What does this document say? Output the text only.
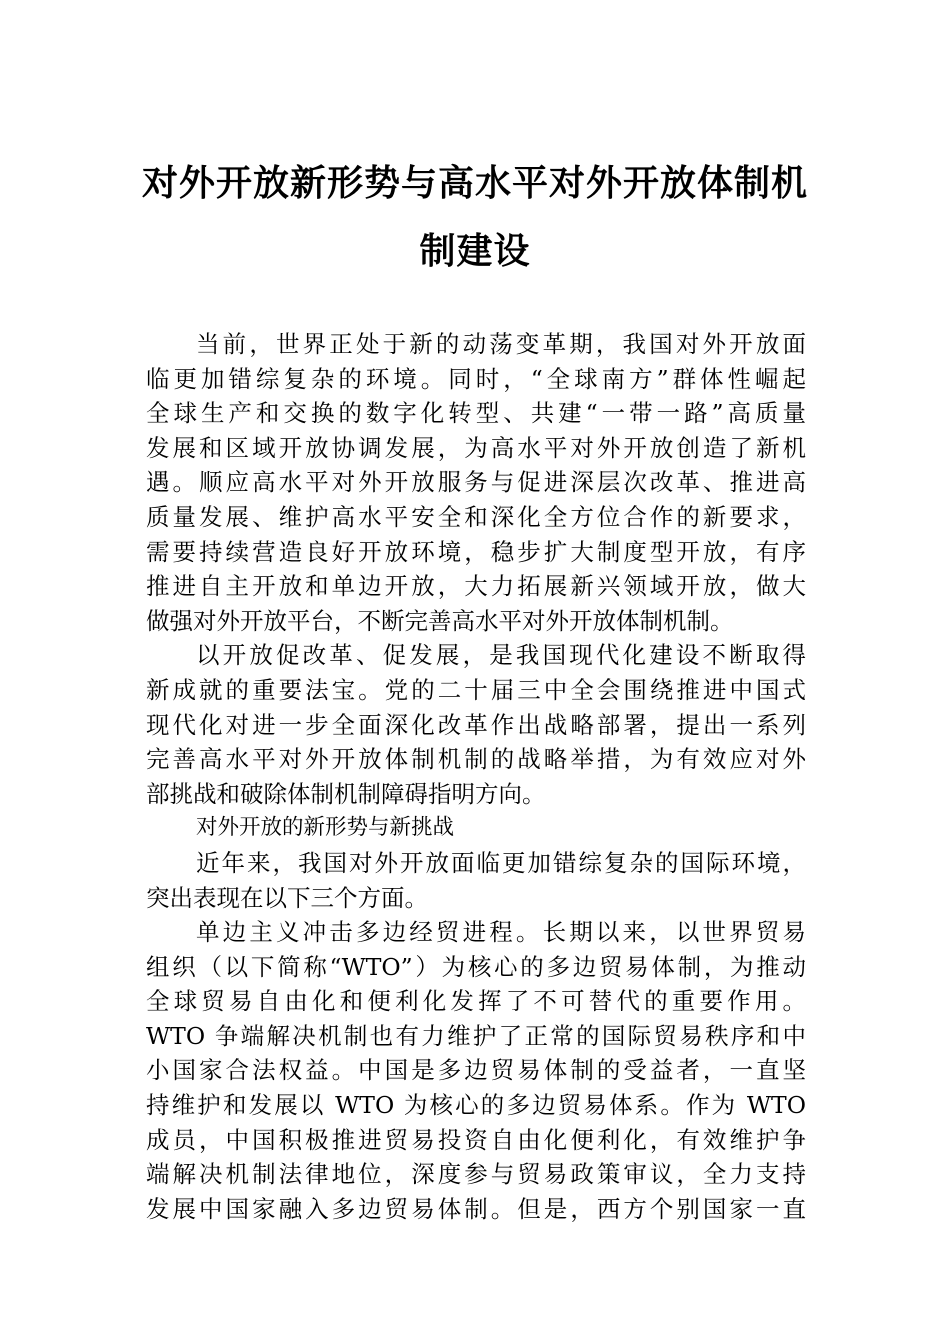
对外开放新形势与高水平对外开放体制机
制建设
当前，世界正处于新的动荡变革期，我国对外开放面
临更加错综复杂的环境。同时，“全球南方”群体性崛起
全球生产和交换的数字化转型、共建“一带一路”高质量
发展和区域开放协调发展，为高水平对外开放创造了新机
遇。顺应高水平对外开放服务与促进深层次改革、推进高
质量发展、维护高水平安全和深化全方位合作的新要求，
需要持续营造良好开放环境，稳步扩大制度型开放，有序
推进自主开放和单边开放，大力拓展新兴领域开放，做大
做强对外开放平台，不断完善高水平对外开放体制机制。
以开放促改革、促发展，是我国现代化建设不断取得
新成就的重要法宝。党的二十届三中全会围绕推进中国式
现代化对进一步全面深化改革作出战略部署，提出一系列
完善高水平对外开放体制机制的战略举措，为有效应对外
部挑战和破除体制机制障碍指明方向。
对外开放的新形势与新挑战
近年来，我国对外开放面临更加错综复杂的国际环境，
突出表现在以下三个方面。
单边主义冲击多边经贸进程。长期以来，以世界贸易
组织（以下简称“WTO”）为核心的多边贸易体制，为推动
全球贸易自由化和便利化发挥了不可替代的重要作用。
WTO 争端解决机制也有力维护了正常的国际贸易秩序和中
小国家合法权益。中国是多边贸易体制的受益者，一直坚
持维护和发展以 WTO 为核心的多边贸易体系。作为 WTO
成员，中国积极推进贸易投资自由化便利化，有效维护争
端解决机制法律地位，深度参与贸易政策审议，全力支持
发展中国家融入多边贸易体制。但是，西方个别国家一直
